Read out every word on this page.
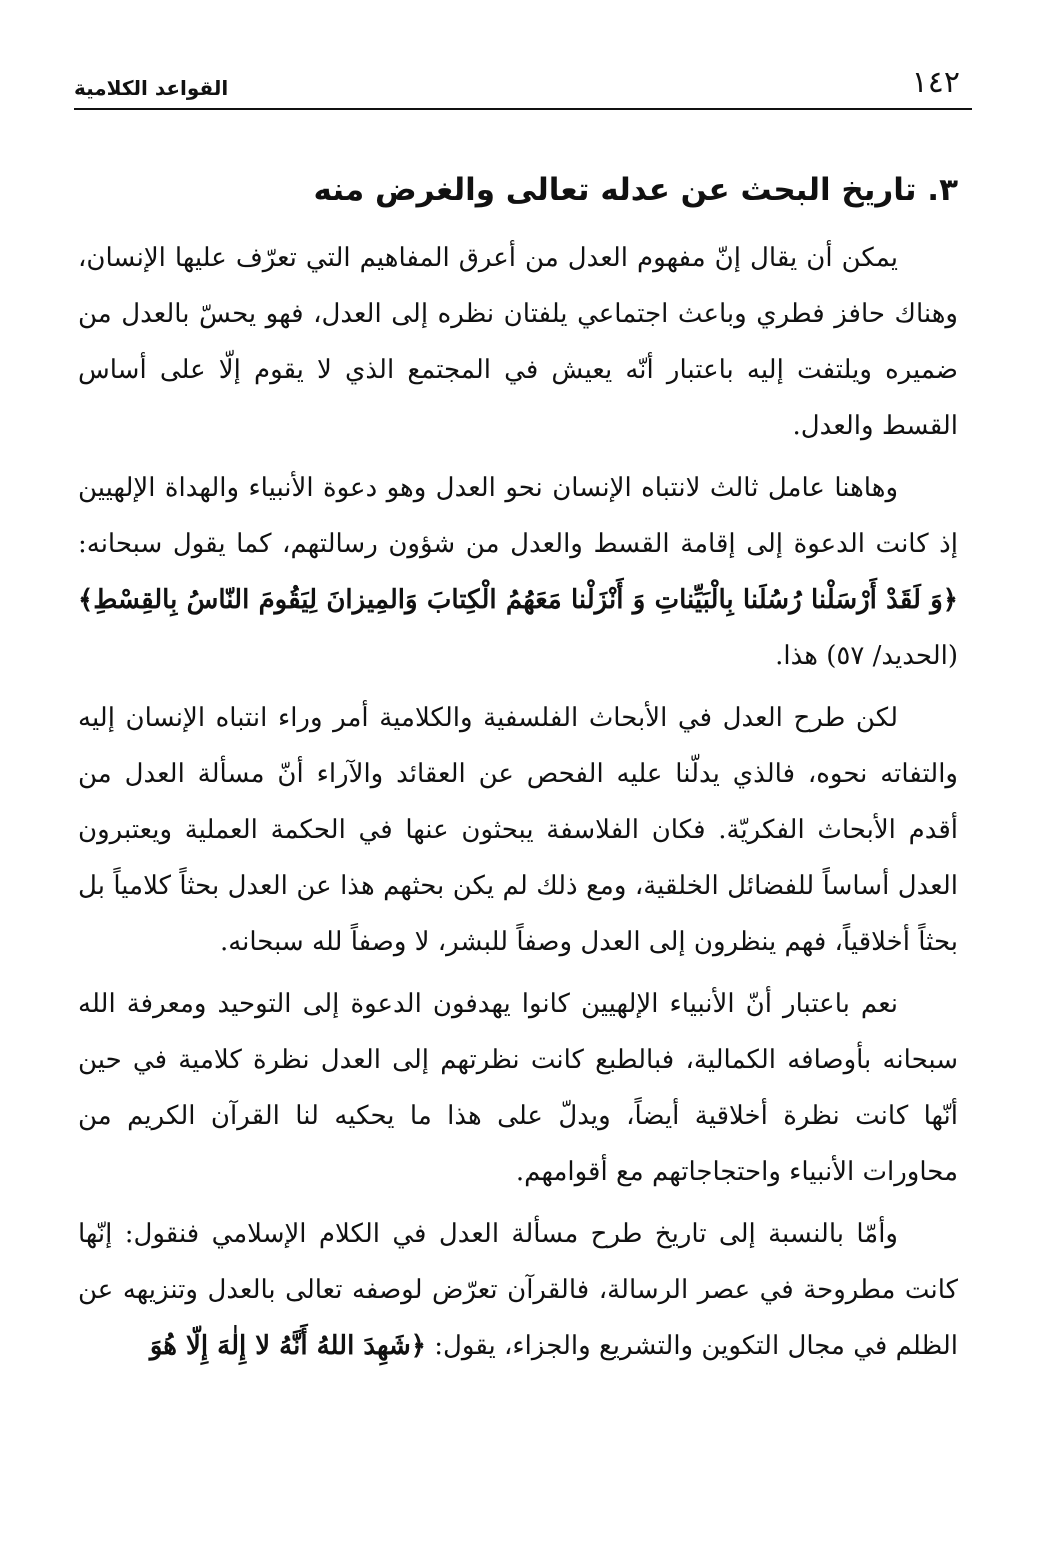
١٤٢
القواعد الكلامية
٣. تاريخ البحث عن عدله تعالى والغرض منه

يمكن أن يقال إنّ مفهوم العدل من أعرق المفاهيم التي تعرّف عليها الإنسان، وهناك حافز فطري وباعث اجتماعي يلفتان نظره إلى العدل، فهو يحسّ بالعدل من ضميره ويلتفت إليه باعتبار أنّه يعيش في المجتمع الذي لا يقوم إلّا على أساس القسط والعدل.

وهاهنا عامل ثالث لانتباه الإنسان نحو العدل وهو دعوة الأنبياء والهداة الإلهيين إذ كانت الدعوة إلى إقامة القسط والعدل من شؤون رسالتهم، كما يقول سبحانه: ﴿وَ لَقَدْ أَرْسَلْنا رُسُلَنا بِالْبَيِّناتِ وَ أَنْزَلْنا مَعَهُمُ الْكِتابَ وَالمِيزانَ لِيَقُومَ النّاسُ بِالقِسْطِ﴾ (الحديد/ ٥٧) هذا.

لكن طرح العدل في الأبحاث الفلسفية والكلامية أمر وراء انتباه الإنسان إليه والتفاته نحوه، فالذي يدلّنا عليه الفحص عن العقائد والآراء أنّ مسألة العدل من أقدم الأبحاث الفكريّة. فكان الفلاسفة يبحثون عنها في الحكمة العملية ويعتبرون العدل أساساً للفضائل الخلقية، ومع ذلك لم يكن بحثهم هذا عن العدل بحثاً كلامياً بل بحثاً أخلاقياً، فهم ينظرون إلى العدل وصفاً للبشر، لا وصفاً لله سبحانه.

نعم باعتبار أنّ الأنبياء الإلهيين كانوا يهدفون الدعوة إلى التوحيد ومعرفة الله سبحانه بأوصافه الكمالية، فبالطبع كانت نظرتهم إلى العدل نظرة كلامية في حين أنّها كانت نظرة أخلاقية أيضاً، ويدلّ على هذا ما يحكيه لنا القرآن الكريم من محاورات الأنبياء واحتجاجاتهم مع أقوامهم.

وأمّا بالنسبة إلى تاريخ طرح مسألة العدل في الكلام الإسلامي فنقول: إنّها كانت مطروحة في عصر الرسالة، فالقرآن تعرّض لوصفه تعالى بالعدل وتنزيهه عن الظلم في مجال التكوين والتشريع والجزاء، يقول: ﴿شَهِدَ اللهُ أَنَّهُ لا إِلٰهَ إِلّا هُوَ
